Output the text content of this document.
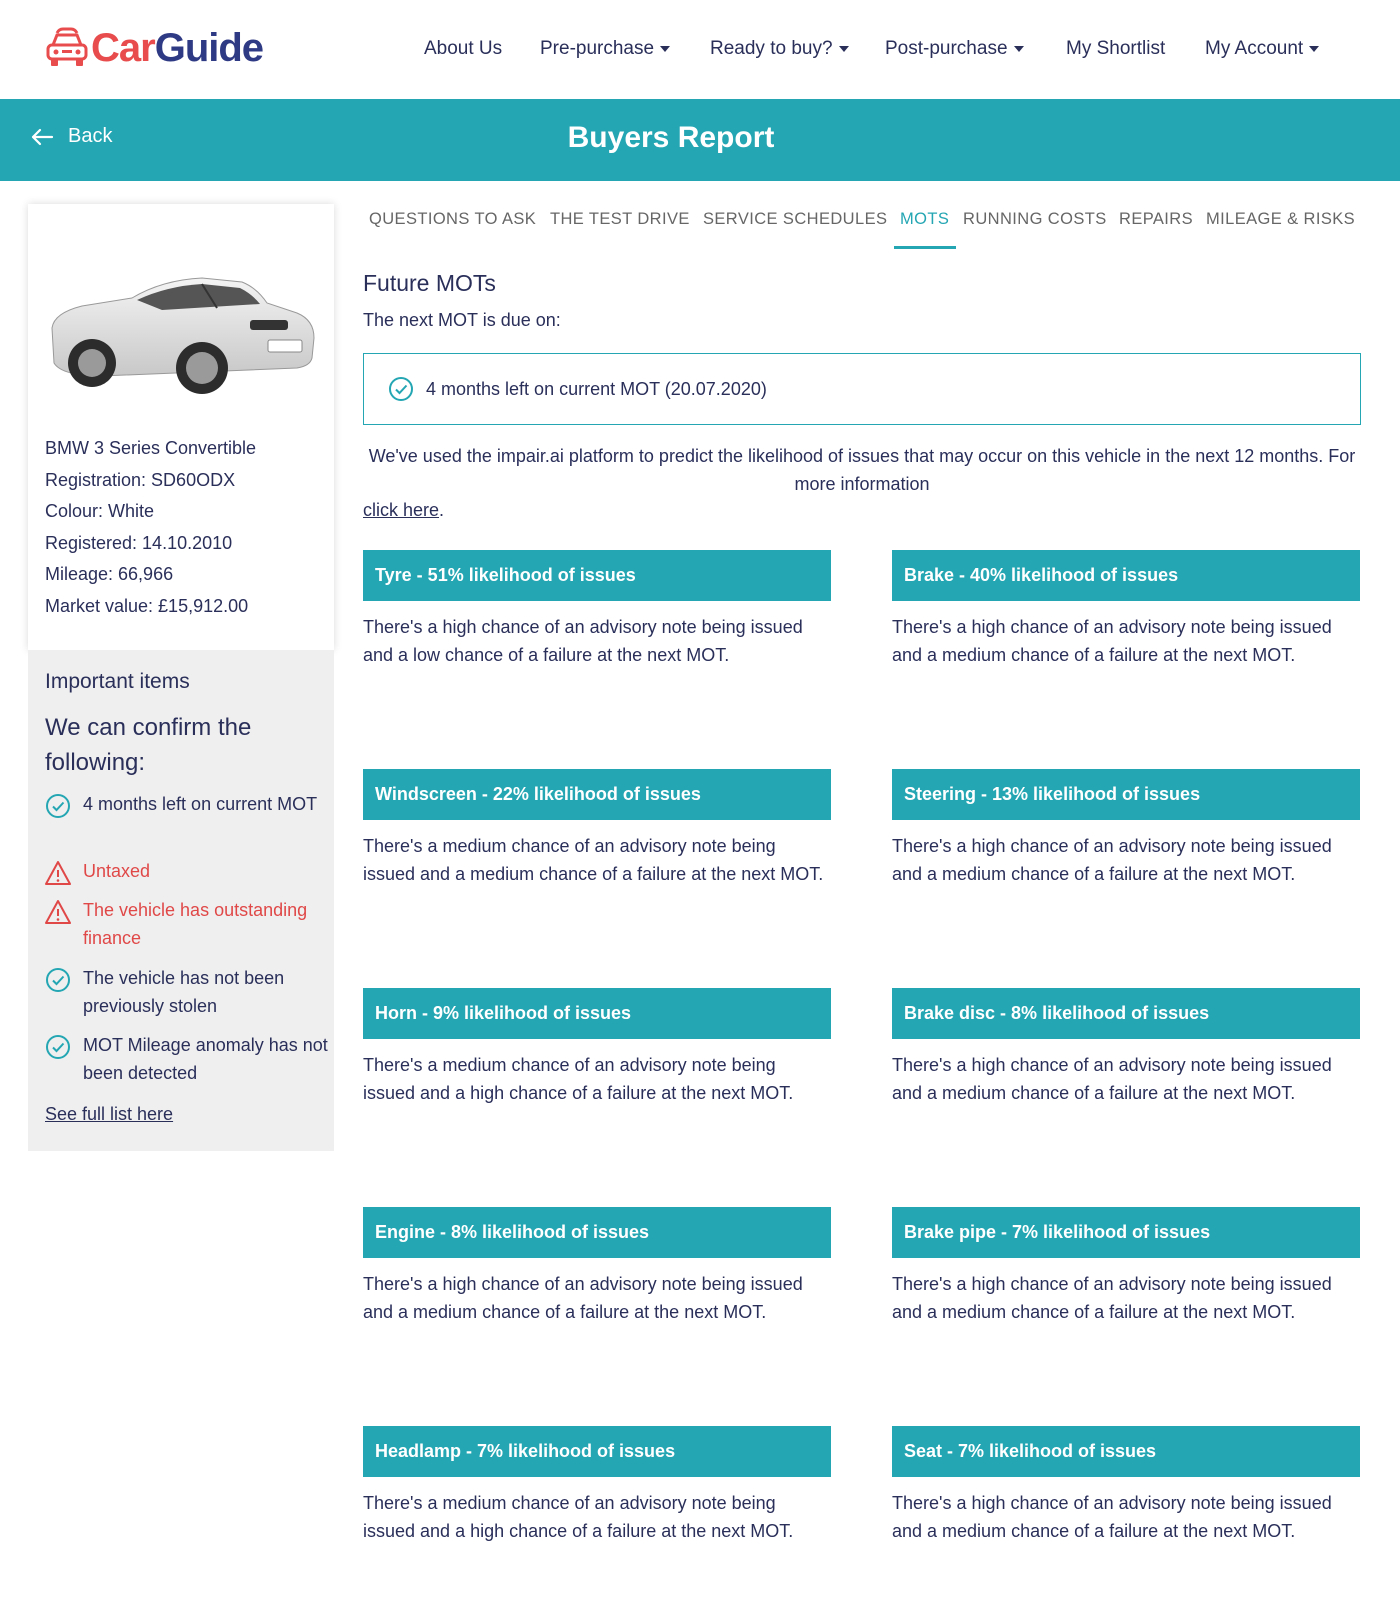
CarGuide	About Us Pre-purchase	Ready to buy?	Post-purchase	My Shortlist My Account
Back	Buyers Report
BMW 3 Series Convertible
Registration: SD60ODX
Colour: White
Registered: 14.10.2010
Mileage: 66,966
Market value: £15,912.00
Important items
We can confirm the following:
4 months left on current MOT
Untaxed
The vehicle has outstanding finance
The vehicle has not been previously stolen
MOT Mileage anomaly has not been detected
See full list here
QUESTIONS TO ASK THE TEST DRIVE SERVICE SCHEDULES MOTS RUNNING COSTS REPAIRS MILEAGE & RISKS
Future MOTs
The next MOT is due on:
4 months left on current MOT (20.07.2020)
We've used the impair.ai platform to predict the likelihood of issues that may occur on this vehicle in the next 12 months. For more information
click here.
Tyre - 51% likelihood of issues
There's a high chance of an advisory note being issued and a low chance of a failure at the next MOT.
Brake - 40% likelihood of issues
There's a high chance of an advisory note being issued and a medium chance of a failure at the next MOT.
Windscreen - 22% likelihood of issues
There's a medium chance of an advisory note being issued and a medium chance of a failure at the next MOT.
Steering - 13% likelihood of issues
There's a high chance of an advisory note being issued and a medium chance of a failure at the next MOT.
Horn - 9% likelihood of issues
There's a medium chance of an advisory note being issued and a high chance of a failure at the next MOT.
Brake disc - 8% likelihood of issues
There's a high chance of an advisory note being issued and a medium chance of a failure at the next MOT.
Engine - 8% likelihood of issues
There's a high chance of an advisory note being issued and a medium chance of a failure at the next MOT.
Brake pipe - 7% likelihood of issues
There's a high chance of an advisory note being issued and a medium chance of a failure at the next MOT.
Headlamp - 7% likelihood of issues
There's a medium chance of an advisory note being issued and a high chance of a failure at the next MOT.
Seat - 7% likelihood of issues
There's a high chance of an advisory note being issued and a medium chance of a failure at the next MOT.
